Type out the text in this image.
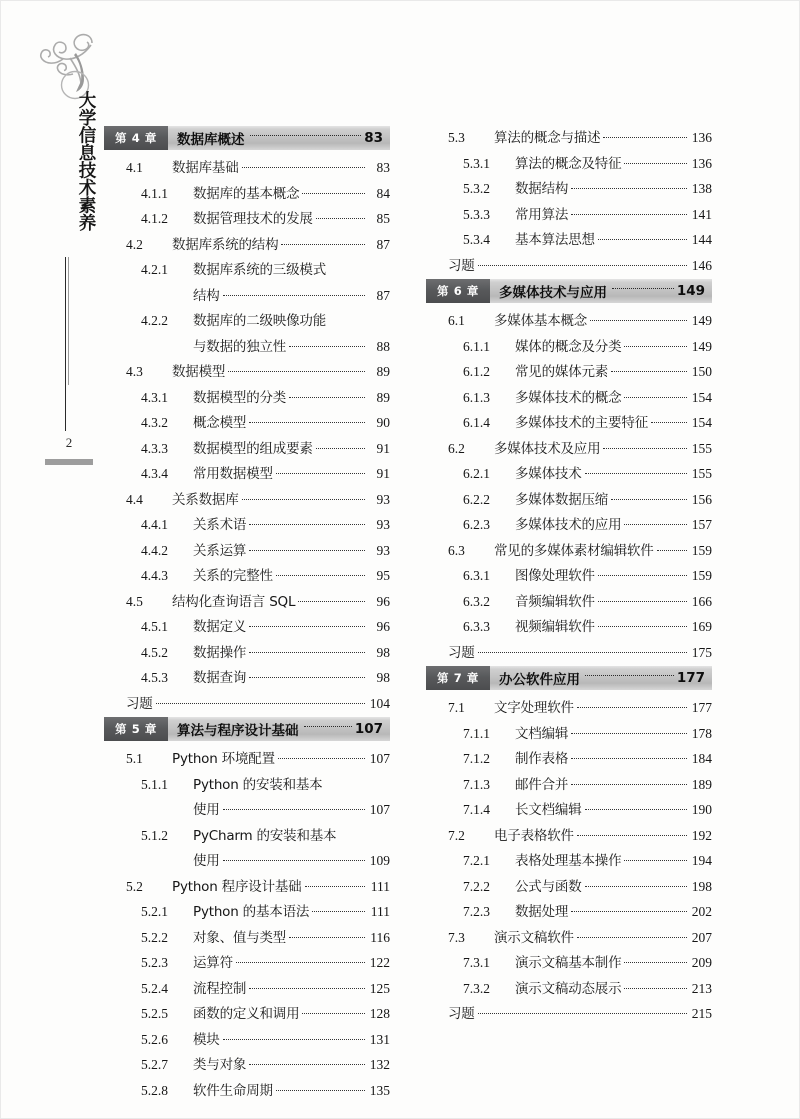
大学信息技术素养
2
第 4 章	数据库概述	83
4.1	数据库基础	83
4.1.1	数据库的基本概念	84
4.1.2	数据管理技术的发展	85
4.2	数据库系统的结构	87
4.2.1	数据库系统的三级模式
结构	87
4.2.2	数据库的二级映像功能
与数据的独立性	88
4.3	数据模型	89
4.3.1	数据模型的分类	89
4.3.2	概念模型	90
4.3.3	数据模型的组成要素	91
4.3.4	常用数据模型	91
4.4	关系数据库	93
4.4.1	关系术语	93
4.4.2	关系运算	93
4.4.3	关系的完整性	95
4.5	结构化查询语言 SQL	96
4.5.1	数据定义	96
4.5.2	数据操作	98
4.5.3	数据查询	98
习题	104
第 5 章	算法与程序设计基础	107
5.1	Python 环境配置	107
5.1.1	Python 的安装和基本
使用	107
5.1.2	PyCharm 的安装和基本
使用	109
5.2	Python 程序设计基础	111
5.2.1	Python 的基本语法	111
5.2.2	对象、值与类型	116
5.2.3	运算符	122
5.2.4	流程控制	125
5.2.5	函数的定义和调用	128
5.2.6	模块	131
5.2.7	类与对象	132
5.2.8	软件生命周期	135
5.3	算法的概念与描述	136
5.3.1	算法的概念及特征	136
5.3.2	数据结构	138
5.3.3	常用算法	141
5.3.4	基本算法思想	144
习题	146
第 6 章	多媒体技术与应用	149
6.1	多媒体基本概念	149
6.1.1	媒体的概念及分类	149
6.1.2	常见的媒体元素	150
6.1.3	多媒体技术的概念	154
6.1.4	多媒体技术的主要特征	154
6.2	多媒体技术及应用	155
6.2.1	多媒体技术	155
6.2.2	多媒体数据压缩	156
6.2.3	多媒体技术的应用	157
6.3	常见的多媒体素材编辑软件	159
6.3.1	图像处理软件	159
6.3.2	音频编辑软件	166
6.3.3	视频编辑软件	169
习题	175
第 7 章	办公软件应用	177
7.1	文字处理软件	177
7.1.1	文档编辑	178
7.1.2	制作表格	184
7.1.3	邮件合并	189
7.1.4	长文档编辑	190
7.2	电子表格软件	192
7.2.1	表格处理基本操作	194
7.2.2	公式与函数	198
7.2.3	数据处理	202
7.3	演示文稿软件	207
7.3.1	演示文稿基本制作	209
7.3.2	演示文稿动态展示	213
习题	215
